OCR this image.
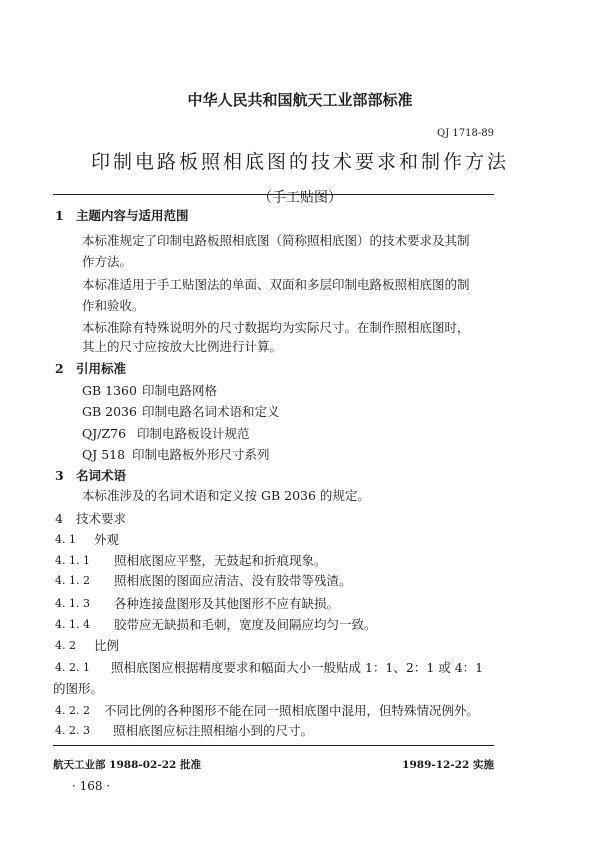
中华人民共和国航天工业部部标准
QJ 1718-89
印制电路板照相底图的技术要求和制作方法
（手工贴图）
1 主题内容与适用范围
本标准规定了印制电路板照相底图（简称照相底图）的技术要求及其制
作方法。
本标准适用于手工贴图法的单面、双面和多层印制电路板照相底图的制
作和验收。
本标准除有特殊说明外的尺寸数据均为实际尺寸。在制作照相底图时，
其上的尺寸应按放大比例进行计算。
2 引用标准
GB 1360 印制电路网格
GB 2036 印制电路名词术语和定义
QJ/Z76 印制电路板设计规范
QJ 518 印制电路板外形尺寸系列
3 名词术语
本标准涉及的名词术语和定义按 GB 2036 的规定。
4 技术要求
4. 1 外观
4. 1. 1 照相底图应平整，无鼓起和折痕现象。
4. 1. 2 照相底图的图面应清洁、没有胶带等残渣。
4. 1. 3 各种连接盘图形及其他图形不应有缺损。
4. 1. 4 胶带应无缺损和毛刺，宽度及间隔应均匀一致。
4. 2 比例
4. 2. 1 照相底图应根据精度要求和幅面大小一般贴成 1：1、2：1 或 4：1
的图形。
4. 2. 2 不同比例的各种图形不能在同一照相底图中混用，但特殊情况例外。
4. 2. 3 照相底图应标注照相缩小到的尺寸。
航天工业部 1988-02-22 批准	1989-12-22 实施
· 168 ·
